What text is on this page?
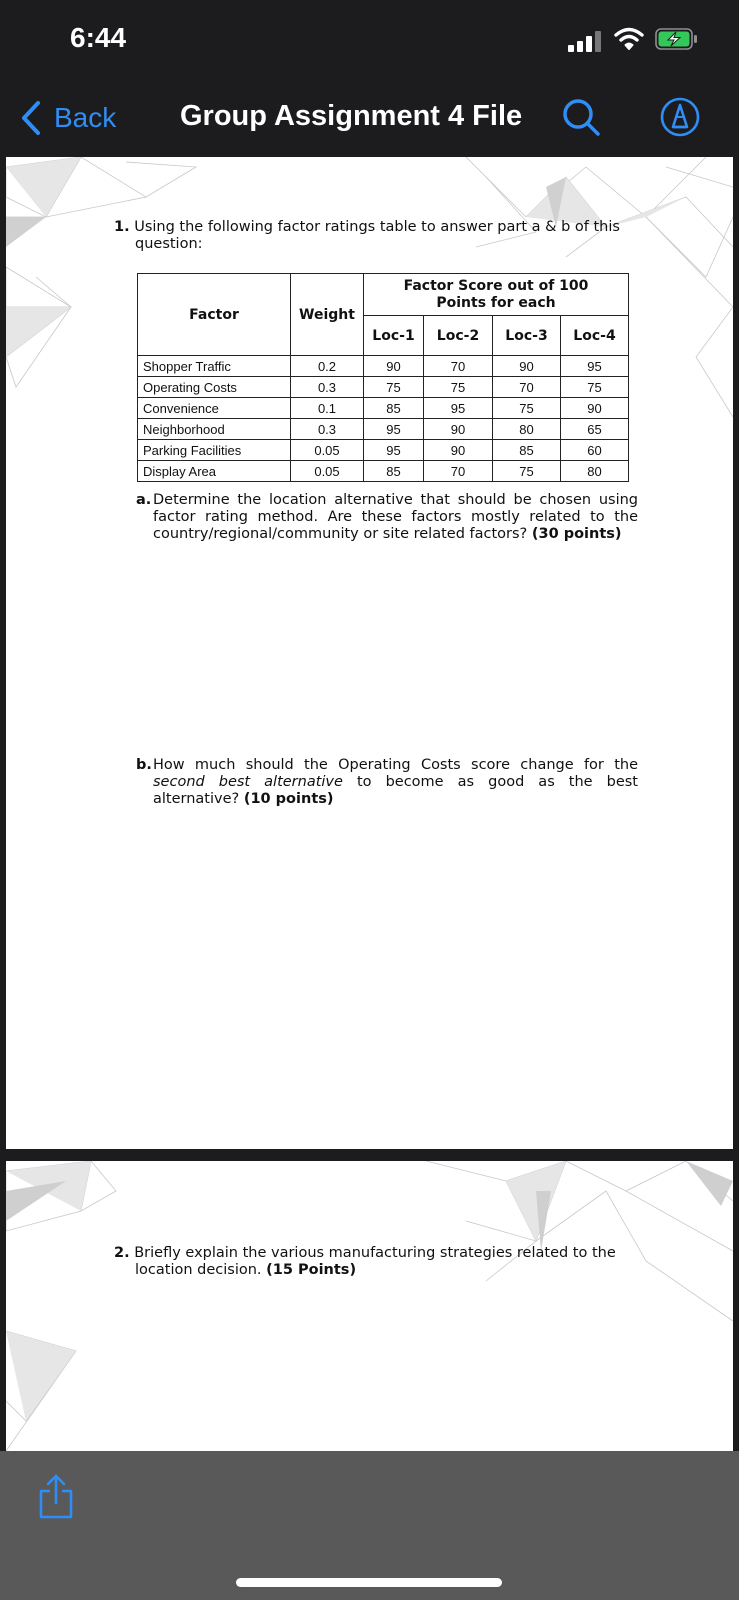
6:44
Back Group Assignment 4 File
1. Using the following factor ratings table to answer part a & b of this
question:
Factor	Weight	Factor Score out of 100 Points for each			
		Loc-1	Loc-2	Loc-3	Loc-4
Shopper Traffic	0.2	90	70	90	95
Operating Costs	0.3	75	75	70	75
Convenience	0.1	85	95	75	90
Neighborhood	0.3	95	90	80	65
Parking Facilities	0.05	95	90	85	60
Display Area	0.05	85	70	75	80
a. Determine the location alternative that should be chosen using factor rating method. Are these factors mostly related to the country/regional/community or site related factors? (30 points)
b. How much should the Operating Costs score change for the second best alternative to become as good as the best alternative? (10 points)
2. Briefly explain the various manufacturing strategies related to the
location decision. (15 Points)
